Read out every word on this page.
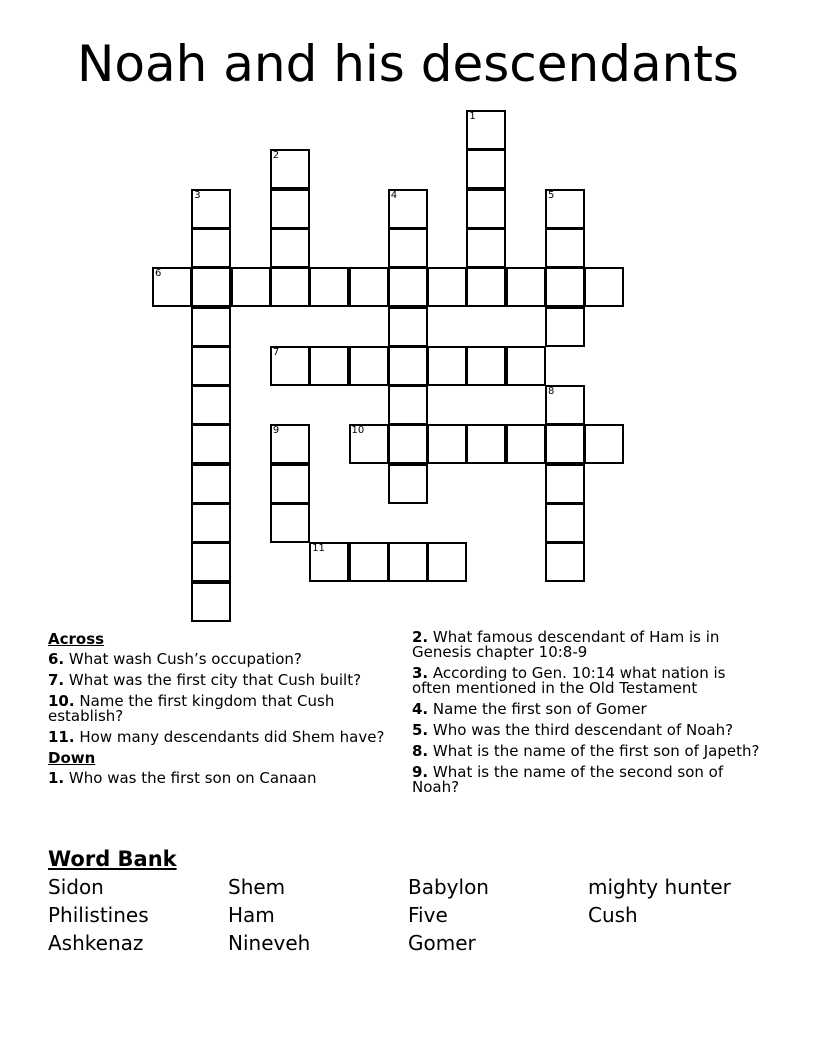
Noah and his descendants
1
2
3	4	5
6
7
8
9	10
11
Across
6. What wash Cush’s occupation?
7. What was the first city that Cush built?
10. Name the first kingdom that Cush establish?
11. How many descendants did Shem have?
Down
1. Who was the first son on Canaan
2. What famous descendant of Ham is in Genesis chapter 10:8-9
3. According to Gen. 10:14 what nation is often mentioned in the Old Testament
4. Name the first son of Gomer
5. Who was the third descendant of Noah?
8. What is the name of the first son of Japeth?
9. What is the name of the second son of Noah?
Word Bank
Sidon	Shem	Babylon	mighty hunter
Philistines	Ham	Five	Cush
Ashkenaz	Nineveh	Gomer
